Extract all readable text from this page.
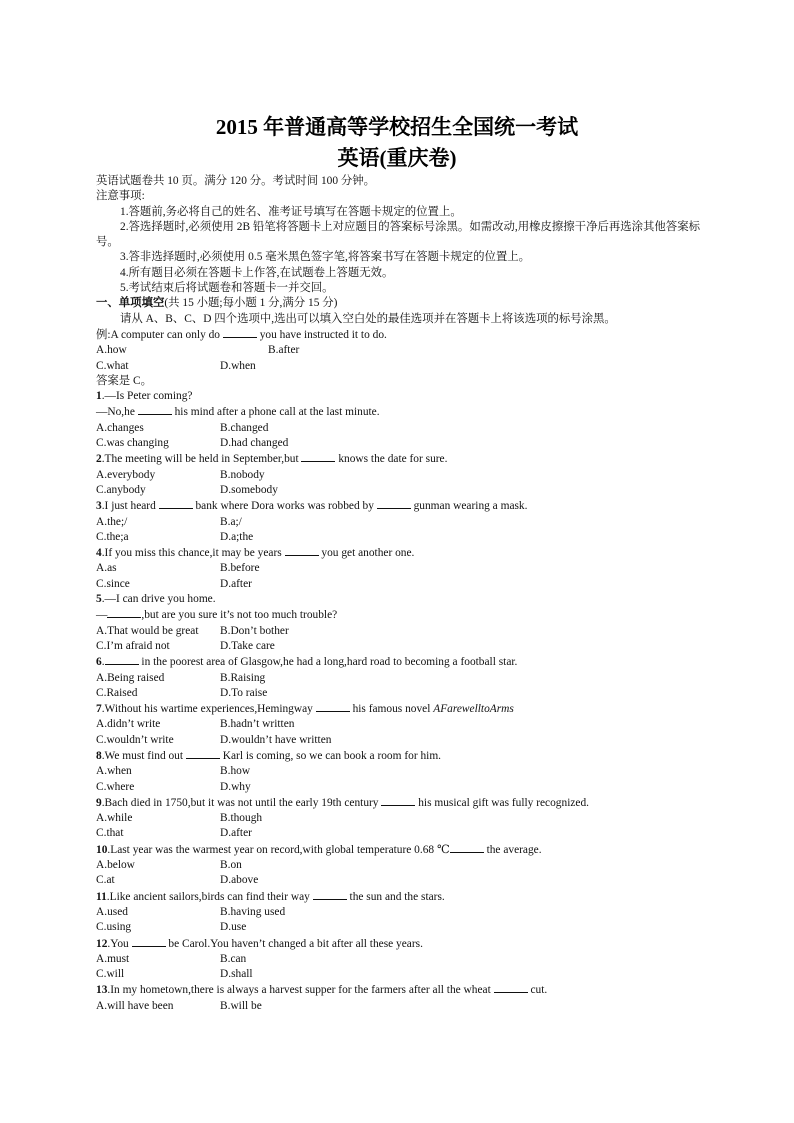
2015 年普通高等学校招生全国统一考试
英语(重庆卷)
英语试题卷共 10 页。满分 120 分。考试时间 100 分钟。
注意事项:
1.答题前,务必将自己的姓名、准考证号填写在答题卡规定的位置上。
2.答选择题时,必须使用 2B 铅笔将答题卡上对应题目的答案标号涂黑。如需改动,用橡皮擦擦干净后再选涂其他答案标号。
3.答非选择题时,必须使用 0.5 毫米黑色签字笔,将答案书写在答题卡规定的位置上。
4.所有题目必须在答题卡上作答,在试题卷上答题无效。
5.考试结束后将试题卷和答题卡一并交回。
一、单项填空(共 15 小题;每小题 1 分,满分 15 分)
请从 A、B、C、D 四个选项中,选出可以填入空白处的最佳选项并在答题卡上将该选项的标号涂黑。
例:A computer can only do	you have instructed it to do.
A.how	B.after
C.what	D.when
答案是 C。
1.—Is Peter coming?
—No,he	his mind after a phone call at the last minute.
A.changes	B.changed
C.was changing	D.had changed
2.The meeting will be held in September,but	knows the date for sure.
A.everybody	B.nobody
C.anybody	D.somebody
3.I just heard	bank where Dora works was robbed by	gunman wearing a mask.
A.the;/	B.a;/
C.the;a	D.a;the
4.If you miss this chance,it may be years	you get another one.
A.as	B.before
C.since	D.after
5.—I can drive you home.
—	,but are you sure it’s not too much trouble?
A.That would be great B.Don’t bother
C.I’m afraid not	D.Take care
6.	in the poorest area of Glasgow,he had a long,hard road to becoming a football star.
A.Being raised	B.Raising
C.Raised	D.To raise
7.Without his wartime experiences,Hemingway	his famous novel AFarewelltoArms
A.didn’t write	B.hadn’t written
C.wouldn’t write	D.wouldn’t have written
8.We must find out	Karl is coming, so we can book a room for him.
A.when	B.how
C.where	D.why
9.Bach died in 1750,but it was not until the early 19th century	his musical gift was fully recognized.
A.while	B.though
C.that	D.after
10.Last year was the warmest year on record,with global temperature 0.68 ℃	the average.
A.below	B.on
C.at	D.above
11.Like ancient sailors,birds can find their way	the sun and the stars.
A.used	B.having used
C.using	D.use
12.You	be Carol.You haven’t changed a bit after all these years.
A.must	B.can
C.will	D.shall
13.In my hometown,there is always a harvest supper for the farmers after all the wheat	cut.
A.will have been	B.will be
